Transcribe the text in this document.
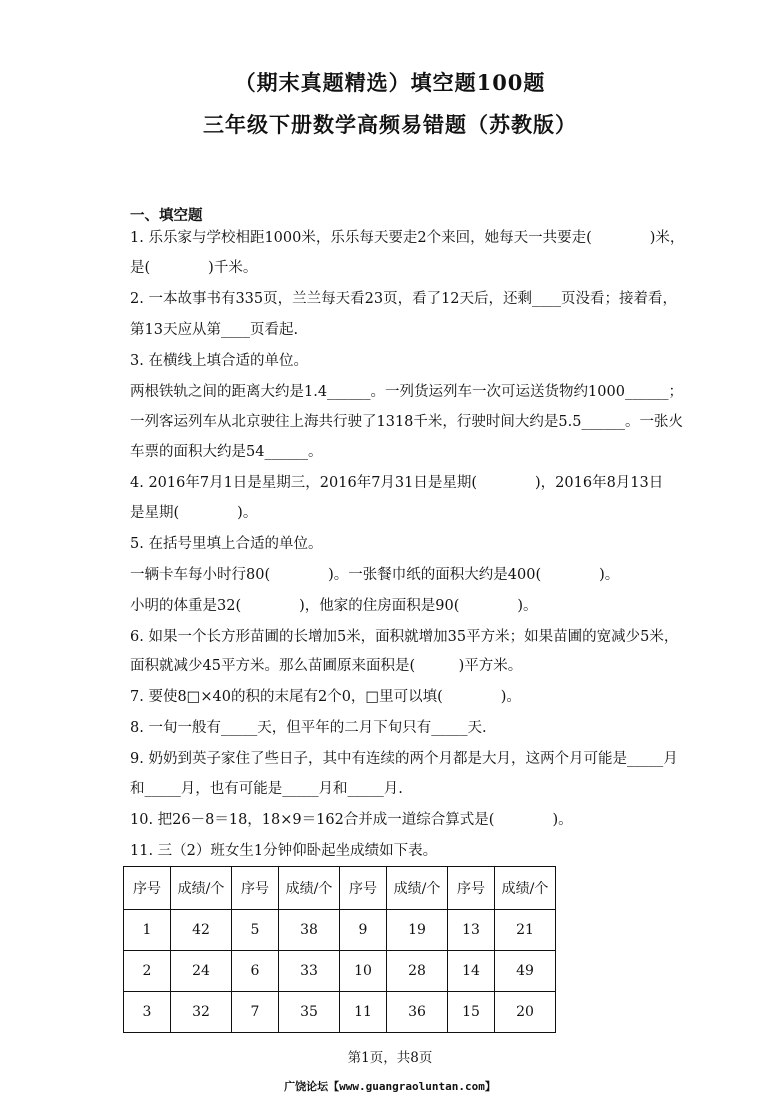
（期末真题精选）填空题100题
三年级下册数学高频易错题（苏教版）
一、填空题
1. 乐乐家与学校相距1000米，乐乐每天要走2个来回，她每天一共要走(　　　　)米，
是(　　　　)千米。
2. 一本故事书有335页，兰兰每天看23页，看了12天后，还剩____页没看；接着看，
第13天应从第____页看起.
3. 在横线上填合适的单位。
两根铁轨之间的距离大约是1.4______。一列货运列车一次可运送货物约1000______；
一列客运列车从北京驶往上海共行驶了1318千米，行驶时间大约是5.5______。一张火
车票的面积大约是54______。
4. 2016年7月1日是星期三，2016年7月31日是星期(　　　　)，2016年8月13日
是星期(　　　　)。
5. 在括号里填上合适的单位。
一辆卡车每小时行80(　　　　)。一张餐巾纸的面积大约是400(　　　　)。
小明的体重是32(　　　　)，他家的住房面积是90(　　　　)。
6. 如果一个长方形苗圃的长增加5米，面积就增加35平方米；如果苗圃的宽减少5米，
面积就减少45平方米。那么苗圃原来面积是(　　　)平方米。
7. 要使8□×40的积的末尾有2个0，□里可以填(　　　　)。
8. 一旬一般有_____天，但平年的二月下旬只有_____天.
9. 奶奶到英子家住了些日子，其中有连续的两个月都是大月，这两个月可能是_____月
和_____月，也有可能是_____月和_____月.
10. 把26－8＝18，18×9＝162合并成一道综合算式是(　　　　)。
11. 三（2）班女生1分钟仰卧起坐成绩如下表。
序号	成绩/个	序号	成绩/个	序号	成绩/个	序号	成绩/个
1	42	5	38	9	19	13	21
2	24	6	33	10	28	14	49
3	32	7	35	11	36	15	20
第1页，共8页
广饶论坛【www.guangraoluntan.com】
